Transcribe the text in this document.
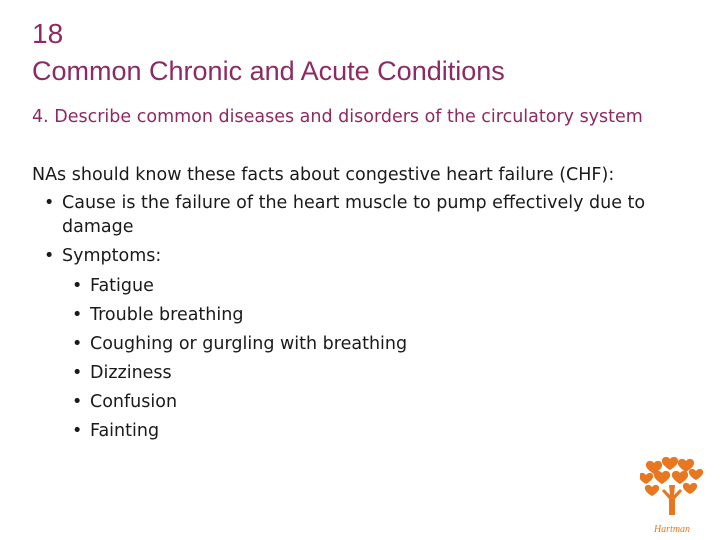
18
Common Chronic and Acute Conditions
4. Describe common diseases and disorders of the circulatory system
NAs should know these facts about congestive heart failure (CHF):
• Cause is the failure of the heart muscle to pump effectively due to damage
• Symptoms:
• Fatigue
• Trouble breathing
• Coughing or gurgling with breathing
• Dizziness
• Confusion
• Fainting
Hartman
